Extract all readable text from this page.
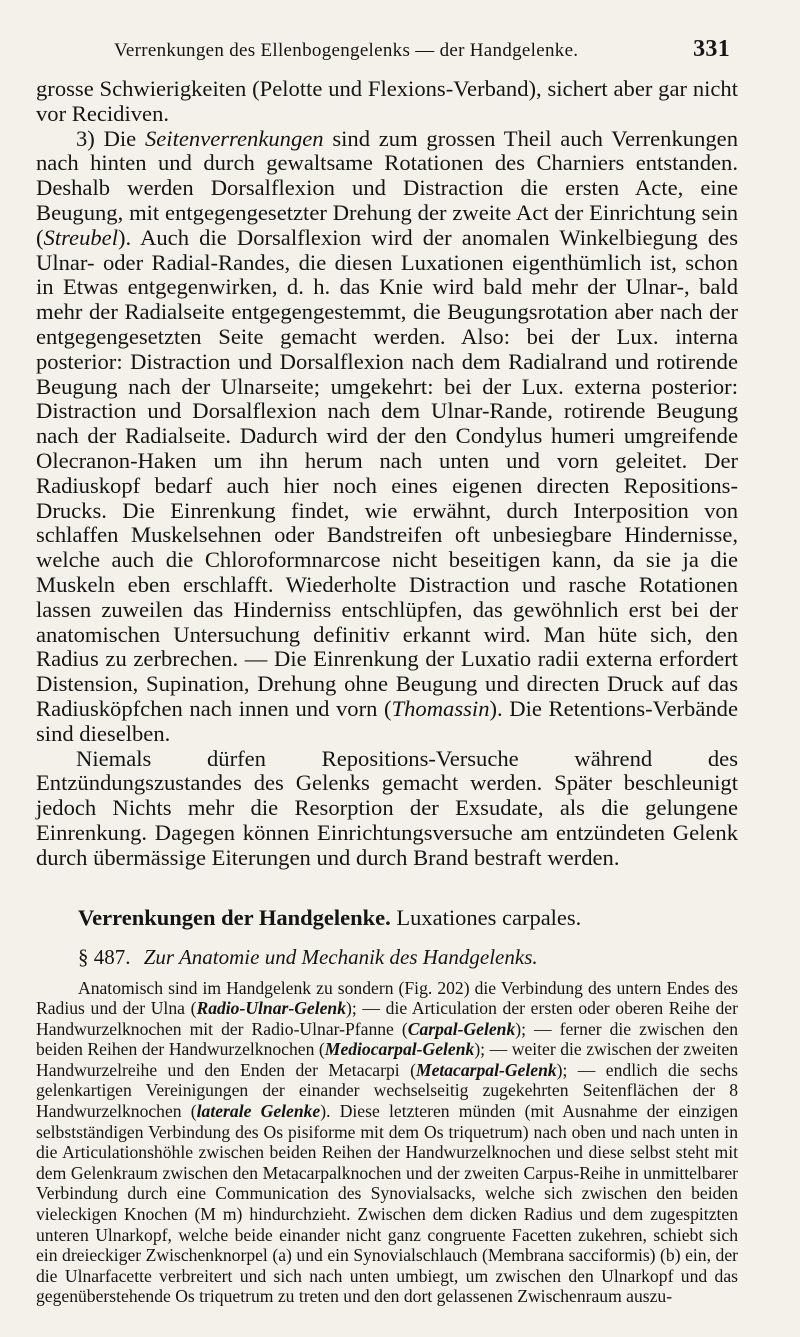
Verrenkungen des Ellenbogengelenks — der Handgelenke.	331

grosse Schwierigkeiten (Pelotte und Flexions-Verband), sichert aber gar nicht vor Recidiven.

3) Die Seitenverrenkungen sind zum grossen Theil auch Verrenkungen nach hinten und durch gewaltsame Rotationen des Charniers entstanden. Deshalb werden Dorsalflexion und Distraction die ersten Acte, eine Beugung, mit entgegengesetzter Drehung der zweite Act der Einrichtung sein (Streubel). Auch die Dorsalflexion wird der anomalen Winkelbiegung des Ulnar- oder Radial-Randes, die diesen Luxationen eigenthümlich ist, schon in Etwas entgegenwirken, d. h. das Knie wird bald mehr der Ulnar-, bald mehr der Radialseite entgegengestemmt, die Beugungsrotation aber nach der entgegengesetzten Seite gemacht werden. Also: bei der Lux. interna posterior: Distraction und Dorsalflexion nach dem Radialrand und rotirende Beugung nach der Ulnarseite; umgekehrt: bei der Lux. externa posterior: Distraction und Dorsalflexion nach dem Ulnar-Rande, rotirende Beugung nach der Radialseite. Dadurch wird der den Condylus humeri umgreifende Olecranon-Haken um ihn herum nach unten und vorn geleitet. Der Radiuskopf bedarf auch hier noch eines eigenen directen Repositions-Drucks. Die Einrenkung findet, wie erwähnt, durch Interposition von schlaffen Muskelsehnen oder Bandstreifen oft unbesiegbare Hindernisse, welche auch die Chloroformnarcose nicht beseitigen kann, da sie ja die Muskeln eben erschlafft. Wiederholte Distraction und rasche Rotationen lassen zuweilen das Hinderniss entschlüpfen, das gewöhnlich erst bei der anatomischen Untersuchung definitiv erkannt wird. Man hüte sich, den Radius zu zerbrechen. — Die Einrenkung der Luxatio radii externa erfordert Distension, Supination, Drehung ohne Beugung und directen Druck auf das Radiusköpfchen nach innen und vorn (Thomassin). Die Retentions-Verbände sind dieselben.

Niemals dürfen Repositions-Versuche während des Entzündungszustandes des Gelenks gemacht werden. Später beschleunigt jedoch Nichts mehr die Resorption der Exsudate, als die gelungene Einrenkung. Dagegen können Einrichtungsversuche am entzündeten Gelenk durch übermässige Eiterungen und durch Brand bestraft werden.

Verrenkungen der Handgelenke. Luxationes carpales.
§ 487. Zur Anatomie und Mechanik des Handgelenks.

Anatomisch sind im Handgelenk zu sondern (Fig. 202) die Verbindung des untern Endes des Radius und der Ulna (Radio-Ulnar-Gelenk); — die Articulation der ersten oder oberen Reihe der Handwurzelknochen mit der Radio-Ulnar-Pfanne (Carpal-Gelenk); — ferner die zwischen den beiden Reihen der Handwurzelknochen (Mediocarpal-Gelenk); — weiter die zwischen der zweiten Handwurzelreihe und den Enden der Metacarpi (Metacarpal-Gelenk); — endlich die sechs gelenkartigen Vereinigungen der einander wechselseitig zugekehrten Seitenflächen der 8 Handwurzelknochen (laterale Gelenke). Diese letzteren münden (mit Ausnahme der einzigen selbstständigen Verbindung des Os pisiforme mit dem Os triquetrum) nach oben und nach unten in die Articulationshöhle zwischen beiden Reihen der Handwurzelknochen und diese selbst steht mit dem Gelenkraum zwischen den Metacarpalknochen und der zweiten Carpus-Reihe in unmittelbarer Verbindung durch eine Communication des Synovialsacks, welche sich zwischen den beiden vieleckigen Knochen (M m) hindurchzieht. Zwischen dem dicken Radius und dem zugespitzten unteren Ulnarkopf, welche beide einander nicht ganz congruente Facetten zukehren, schiebt sich ein dreieckiger Zwischenknorpel (a) und ein Synovialschlauch (Membrana sacciformis) (b) ein, der die Ulnarfacette verbreitert und sich nach unten umbiegt, um zwischen den Ulnarkopf und das gegenüberstehende Os triquetrum zu treten und den dort gelassenen Zwischenraum auszu-
